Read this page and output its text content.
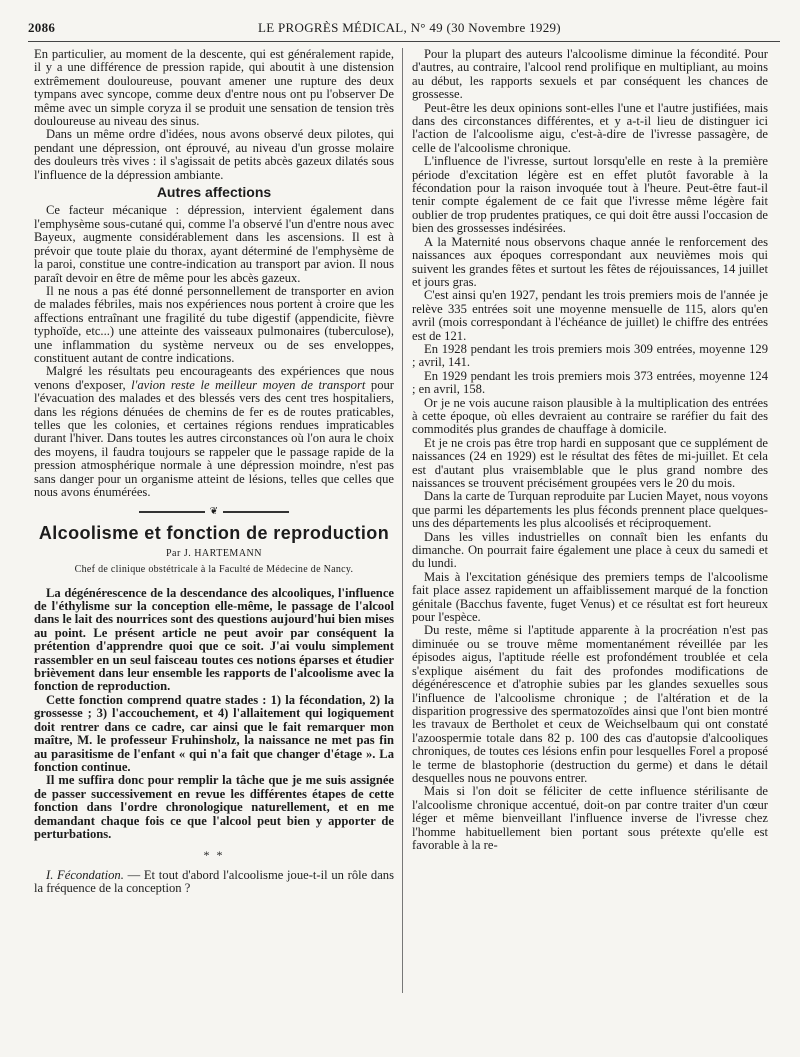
2086	LE PROGRÈS MÉDICAL, N° 49 (30 Novembre 1929)

En particulier, au moment de la descente, qui est généralement rapide, il y a une différence de pression rapide, qui aboutit à une distension extrêmement douloureuse, pouvant amener une rupture des deux tympans avec syncope, comme deux d'entre nous ont pu l'observer De même avec un simple coryza il se produit une sensation de tension très douloureuse au niveau des sinus.

Dans un même ordre d'idées, nous avons observé deux pilotes, qui pendant une dépression, ont éprouvé, au niveau d'un grosse molaire des douleurs très vives : il s'agissait de petits abcès gazeux dilatés sous l'influence de la dépression ambiante.

Autres affections

Ce facteur mécanique : dépression, intervient également dans l'emphysème sous-cutané qui, comme l'a observé l'un d'entre nous avec Bayeux, augmente considérablement dans les ascensions. Il est à prévoir que toute plaie du thorax, ayant déterminé de l'emphysème de la paroi, constitue une contre-indication au transport par avion. Il nous paraît devoir en être de même pour les abcès gazeux.

Il ne nous a pas été donné personnellement de transporter en avion de malades fébriles, mais nos expériences nous portent à croire que les affections entraînant une fragilité du tube digestif (appendicite, fièvre typhoïde, etc...) une atteinte des vaisseaux pulmonaires (tuberculose), une inflammation du système nerveux ou de ses enveloppes, constituent autant de contre indications.

Malgré les résultats peu encourageants des expériences que nous venons d'exposer, l'avion reste le meilleur moyen de transport pour l'évacuation des malades et des blessés vers des cent tres hospitaliers, dans les régions dénuées de chemins de fer es de routes praticables, telles que les colonies, et certaines régions rendues impraticables durant l'hiver. Dans toutes les autres circonstances où l'on aura le choix des moyens, il faudra toujours se rappeler que le passage rapide de la pression atmosphérique normale à une dépression moindre, n'est pas sans danger pour un organisme atteint de lésions, telles que celles que nous avons énumérées.

❦
Alcoolisme et fonction de reproduction
Par J. HARTEMANN
Chef de clinique obstétricale à la Faculté de Médecine de Nancy.

La dégénérescence de la descendance des alcooliques, l'influence de l'éthylisme sur la conception elle-même, le passage de l'alcool dans le lait des nourrices sont des questions aujourd'hui bien mises au point. Le présent article ne peut avoir par conséquent la prétention d'apprendre quoi que ce soit. J'ai voulu simplement rassembler en un seul faisceau toutes ces notions éparses et étudier brièvement dans leur ensemble les rapports de l'alcoolisme avec la fonction de reproduction.

Cette fonction comprend quatre stades : 1) la fécondation, 2) la grossesse ; 3) l'accouchement, et 4) l'allaitement qui logiquement doit rentrer dans ce cadre, car ainsi que le fait remarquer mon maître, M. le professeur Fruhinsholz, la naissance ne met pas fin au parasitisme de l'enfant « qui n'a fait que changer d'étage ». La fonction continue.

Il me suffira donc pour remplir la tâche que je me suis assignée de passer successivement en revue les différentes étapes de cette fonction dans l'ordre chronologique naturellement, et en me demandant chaque fois ce que l'alcool peut bien y apporter de perturbations.

* *

I. Fécondation. — Et tout d'abord l'alcoolisme joue-t-il un rôle dans la fréquence de la conception ?

Pour la plupart des auteurs l'alcoolisme diminue la fécondité. Pour d'autres, au contraire, l'alcool rend prolifique en multipliant, au moins au début, les rapports sexuels et par conséquent les chances de grossesse.

Peut-être les deux opinions sont-elles l'une et l'autre justifiées, mais dans des circonstances différentes, et y a-t-il lieu de distinguer ici l'action de l'alcoolisme aigu, c'est-à-dire de l'ivresse passagère, de celle de l'alcoolisme chronique.

L'influence de l'ivresse, surtout lorsqu'elle en reste à la première période d'excitation légère est en effet plutôt favorable à la fécondation pour la raison invoquée tout à l'heure. Peut-être faut-il tenir compte également de ce fait que l'ivresse même légère fait oublier de trop prudentes pratiques, ce qui doit être aussi l'occasion de bien des grossesses indésirées.

A la Maternité nous observons chaque année le renforcement des naissances aux époques correspondant aux neuvièmes mois qui suivent les grandes fêtes et surtout les fêtes de réjouissances, 14 juillet et jours gras.

C'est ainsi qu'en 1927, pendant les trois premiers mois de l'année je relève 335 entrées soit une moyenne mensuelle de 115, alors qu'en avril (mois correspondant à l'échéance de juillet) le chiffre des entrées est de 121.

En 1928 pendant les trois premiers mois 309 entrées, moyenne 129 ; avril, 141.

En 1929 pendant les trois premiers mois 373 entrées, moyenne 124 ; en avril, 158.

Or je ne vois aucune raison plausible à la multiplication des entrées à cette époque, où elles devraient au contraire se raréfier du fait des commodités plus grandes de chauffage à domicile.

Et je ne crois pas être trop hardi en supposant que ce supplément de naissances (24 en 1929) est le résultat des fêtes de mi-juillet. Et cela est d'autant plus vraisemblable que le plus grand nombre des naissances se trouvent précisément groupées vers le 20 du mois.

Dans la carte de Turquan reproduite par Lucien Mayet, nous voyons que parmi les départements les plus féconds prennent place quelques-uns des départements les plus alcoolisés et réciproquement.

Dans les villes industrielles on connaît bien les enfants du dimanche. On pourrait faire également une place à ceux du samedi et du lundi.

Mais à l'excitation génésique des premiers temps de l'alcoolisme fait place assez rapidement un affaiblissement marqué de la fonction génitale (Bacchus favente, fuget Venus) et ce résultat est fort heureux pour l'espèce.

Du reste, même si l'aptitude apparente à la procréation n'est pas diminuée ou se trouve même momentanément réveillée par les épisodes aigus, l'aptitude réelle est profondément troublée et cela s'explique aisément du fait des profondes modifications de dégénérescence et d'atrophie subies par les glandes sexuelles sous l'influence de l'alcoolisme chronique ; de l'altération et de la disparition progressive des spermatozoïdes ainsi que l'ont bien montré les travaux de Bertholet et ceux de Weichselbaum qui ont constaté l'azoospermie totale dans 82 p. 100 des cas d'autopsie d'alcooliques chroniques, de toutes ces lésions enfin pour lesquelles Forel a proposé le terme de blastophorie (destruction du germe) et dans le détail desquelles nous ne pouvons entrer.

Mais si l'on doit se féliciter de cette influence stérilisante de l'alcoolisme chronique accentué, doit-on par contre traiter d'un cœur léger et même bienveillant l'influence inverse de l'ivresse chez l'homme habituellement bien portant sous prétexte qu'elle est favorable à la re-
